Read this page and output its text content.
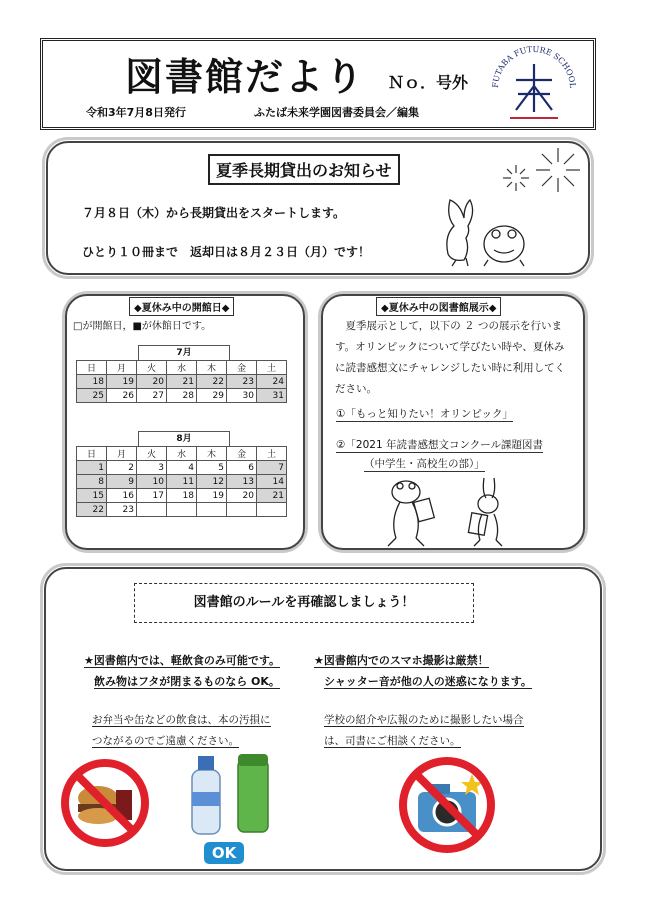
図書館だより Ｎｏ．号外
令和3年7月8日発行	ふたば未来学園図書委員会／編集
FUTABA FUTURE SCHOOL
夏季長期貸出のお知らせ
７月８日（木）から長期貸出をスタートします。
ひとり１０冊まで　返却日は８月２３日（月）です！
◆夏休み中の開館日◆
□が開館日，■が休館日です。
7月
日	月	火	水	木	金	土
18	19	20	21	22	23	24
25	26	27	28	29	30	31
8月
日	月	火	水	木	金	土
1	2	3	4	5	6	7
8	9	10	11	12	13	14
15	16	17	18	19	20	21
22	23					
◆夏休み中の図書館展示◆
　夏季展示として，以下の ２ つの展示を行います。オリンピックについて学びたい時や、夏休みに読書感想文にチャレンジしたい時に利用してください。
①「もっと知りたい！オリンピック」
②「2021 年読書感想文コンクール課題図書
（中学生・高校生の部）」
図書館のルールを再確認しましょう！
★図書館内では、軽飲食のみ可能です。
飲み物はフタが閉まるものなら OK。
★図書館内でのスマホ撮影は厳禁！
シャッター音が他の人の迷惑になります。
お弁当や缶などの飲食は、本の汚損に
つながるのでご遠慮ください。
学校の紹介や広報のために撮影したい場合
は、司書にご相談ください。
OK
